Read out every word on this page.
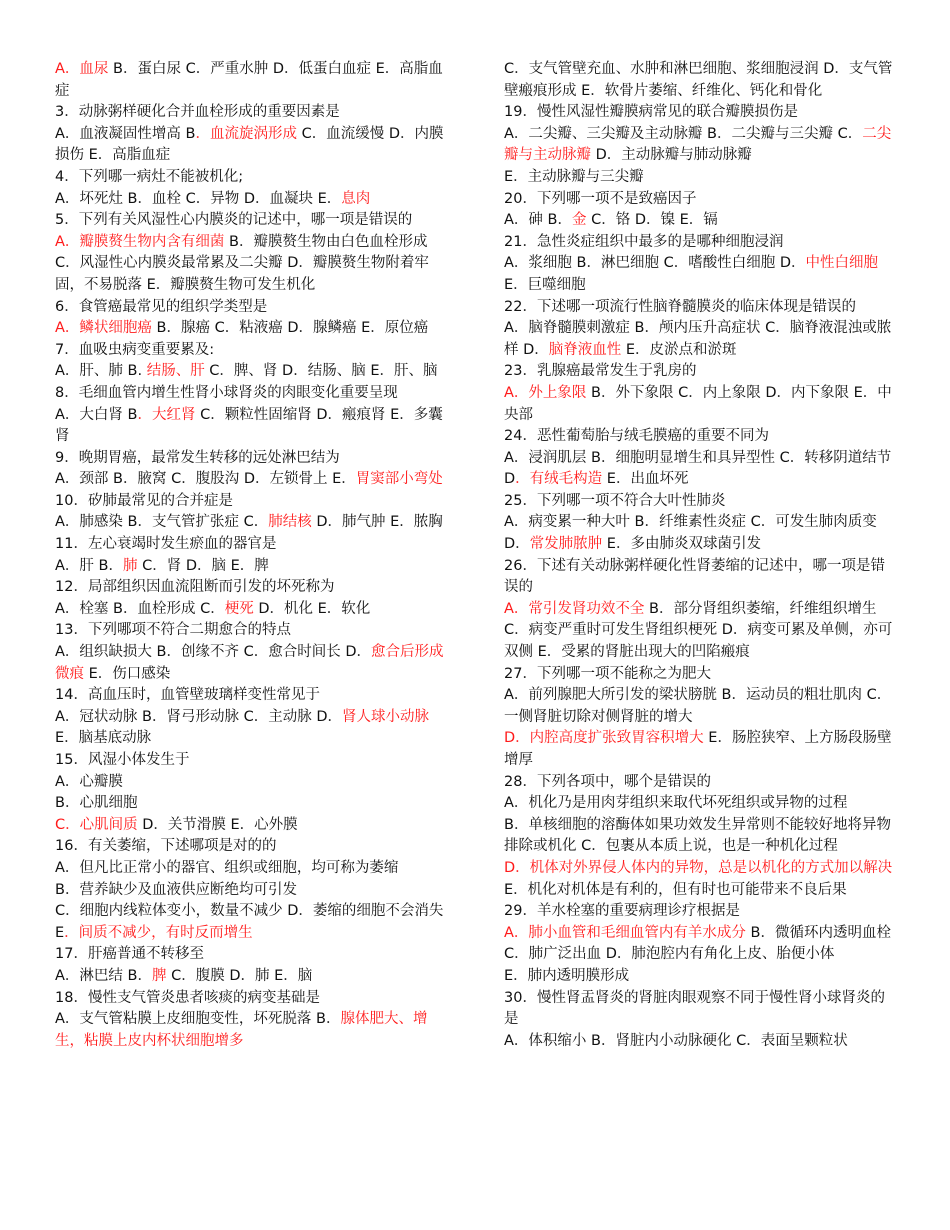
A．血尿 B．蛋白尿 C．严重水肿 D．低蛋白血症 E．高脂血症

3．动脉粥样硬化合并血栓形成的重要因素是

A．血液凝固性增高 B．血流旋涡形成 C．血流缓慢 D．内膜损伤 E．高脂血症

4．下列哪一病灶不能被机化;

A．坏死灶 B．血栓 C．异物 D．血凝块 E．息肉

5．下列有关风湿性心内膜炎的记述中，哪一项是错误的

A．瓣膜赘生物内含有细菌 B．瓣膜赘生物由白色血栓形成 C．风湿性心内膜炎最常累及二尖瓣 D．瓣膜赘生物附着牢固，不易脱落 E．瓣膜赘生物可发生机化

6．食管癌最常见的组织学类型是

A．鳞状细胞癌 B．腺癌 C．粘液癌 D．腺鳞癌 E．原位癌

7．血吸虫病变重要累及:

A．肝、肺 B. 结肠、肝 C．脾、肾 D．结肠、脑 E．肝、脑

8．毛细血管内增生性肾小球肾炎的肉眼变化重要呈现

A．大白肾 B．大红肾 C．颗粒性固缩肾 D．瘢痕肾 E．多囊肾

9．晚期胃癌，最常发生转移的远处淋巴结为

A．颈部 B．腋窝 C．腹股沟 D．左锁骨上 E．胃窦部小弯处

10．矽肺最常见的合并症是

A．肺感染 B．支气管扩张症 C．肺结核 D．肺气肿 E．脓胸

11．左心衰竭时发生瘀血的器官是

A．肝 B．肺 C．肾 D．脑 E．脾

12．局部组织因血流阻断而引发的坏死称为

A．栓塞 B．血栓形成 C．梗死 D．机化 E．软化

13．下列哪项不符合二期愈合的特点

A．组织缺损大 B．创缘不齐 C．愈合时间长 D．愈合后形成微痕 E．伤口感染

14．高血压时，血管壁玻璃样变性常见于

A．冠状动脉 B．肾弓形动脉 C．主动脉 D．肾人球小动脉 E．脑基底动脉

15．风湿小体发生于

A．心瓣膜

B．心肌细胞

C．心肌间质 D．关节滑膜 E．心外膜

16．有关萎缩，下述哪项是对的的

A．但凡比正常小的器官、组织或细胞，均可称为萎缩

B．营养缺少及血液供应断绝均可引发

C．细胞内线粒体变小，数量不减少 D．萎缩的细胞不会消失 E．间质不减少，有时反而增生

17．肝癌普通不转移至

A．淋巴结 B．脾 C．腹膜 D．肺 E．脑

18．慢性支气管炎患者咳痰的病变基础是

A．支气管粘膜上皮细胞变性，坏死脱落 B．腺体肥大、增生，粘膜上皮内杯状细胞增多

C．支气管壁充血、水肿和淋巴细胞、浆细胞浸润 D．支气管壁瘢痕形成 E．软骨片萎缩、纤维化、钙化和骨化

19．慢性风湿性瓣膜病常见的联合瓣膜损伤是

A．二尖瓣、三尖瓣及主动脉瓣 B．二尖瓣与三尖瓣 C．二尖瓣与主动脉瓣 D．主动脉瓣与肺动脉瓣

E．主动脉瓣与三尖瓣

20．下列哪一项不是致癌因子

A．砷 B．金 C．铬 D．镍 E．镉

21．急性炎症组织中最多的是哪种细胞浸润

A．浆细胞 B．淋巴细胞 C．嗜酸性白细胞 D．中性白细胞 E．巨噬细胞

22．下述哪一项流行性脑脊髓膜炎的临床体现是错误的

A．脑脊髓膜刺激症 B．颅内压升高症状 C．脑脊液混浊或脓样 D．脑脊液血性 E．皮淤点和淤斑

23．乳腺癌最常发生于乳房的

A．外上象限 B．外下象限 C．内上象限 D．内下象限 E．中央部

24．恶性葡萄胎与绒毛膜癌的重要不同为

A．浸润肌层 B．细胞明显增生和具异型性 C．转移阴道结节 D．有绒毛构造 E．出血坏死

25．下列哪一项不符合大叶性肺炎

A．病变累一种大叶 B．纤维素性炎症 C．可发生肺肉质变 D．常发肺脓肿 E．多由肺炎双球菌引发

26．下述有关动脉粥样硬化性肾萎缩的记述中，哪一项是错误的

A．常引发肾功效不全 B．部分肾组织萎缩，纤维组织增生 C．病变严重时可发生肾组织梗死 D．病变可累及单侧，亦可双侧 E．受累的肾脏出现大的凹陷瘢痕

27．下列哪一项不能称之为肥大

A．前列腺肥大所引发的梁状膀胱 B．运动员的粗壮肌肉 C．一侧肾脏切除对侧肾脏的增大

D．内腔高度扩张致胃容积增大 E．肠腔狭窄、上方肠段肠壁增厚

28．下列各项中，哪个是错误的

A．机化乃是用肉芽组织来取代坏死组织或异物的过程

B．单核细胞的溶酶体如果功效发生异常则不能较好地将异物排除或机化 C．包裹从本质上说，也是一种机化过程

D．机体对外界侵人体内的异物，总是以机化的方式加以解决 E．机化对机体是有利的，但有时也可能带来不良后果

29．羊水栓塞的重要病理诊疗根据是

A．肺小血管和毛细血管内有羊水成分 B．微循环内透明血栓 C．肺广泛出血 D．肺泡腔内有角化上皮、胎便小体

E．肺内透明膜形成

30．慢性肾盂肾炎的肾脏肉眼观察不同于慢性肾小球肾炎的是

A．体积缩小 B．肾脏内小动脉硬化 C．表面呈颗粒状
